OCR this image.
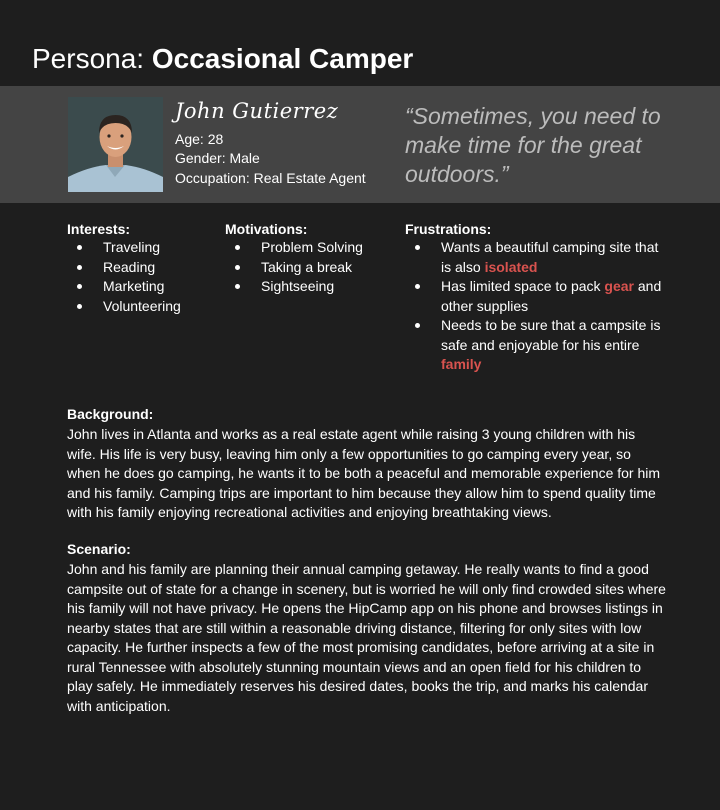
Persona: Occasional Camper
John Gutierrez
Age: 28
Gender: Male
Occupation: Real Estate Agent
“Sometimes, you need to make time for the great outdoors.”
Interests:
Traveling
Reading
Marketing
Volunteering
Motivations:
Problem Solving
Taking a break
Sightseeing
Frustrations:
Wants a beautiful camping site that is also isolated
Has limited space to pack gear and other supplies
Needs to be sure that a campsite is safe and enjoyable for his entire family
Background:
John lives in Atlanta and works as a real estate agent while raising 3 young children with his wife. His life is very busy, leaving him only a few opportunities to go camping every year, so when he does go camping, he wants it to be both a peaceful and memorable experience for him and his family. Camping trips are important to him because they allow him to spend quality time with his family enjoying recreational activities and enjoying breathtaking views.
Scenario:
John and his family are planning their annual camping getaway. He really wants to find a good campsite out of state for a change in scenery, but is worried he will only find crowded sites where his family will not have privacy. He opens the HipCamp app on his phone and browses listings in nearby states that are still within a reasonable driving distance, filtering for only sites with low capacity. He further inspects a few of the most promising candidates, before arriving at a site in rural Tennessee with absolutely stunning mountain views and an open field for his children to play safely. He immediately reserves his desired dates, books the trip, and marks his calendar with anticipation.
